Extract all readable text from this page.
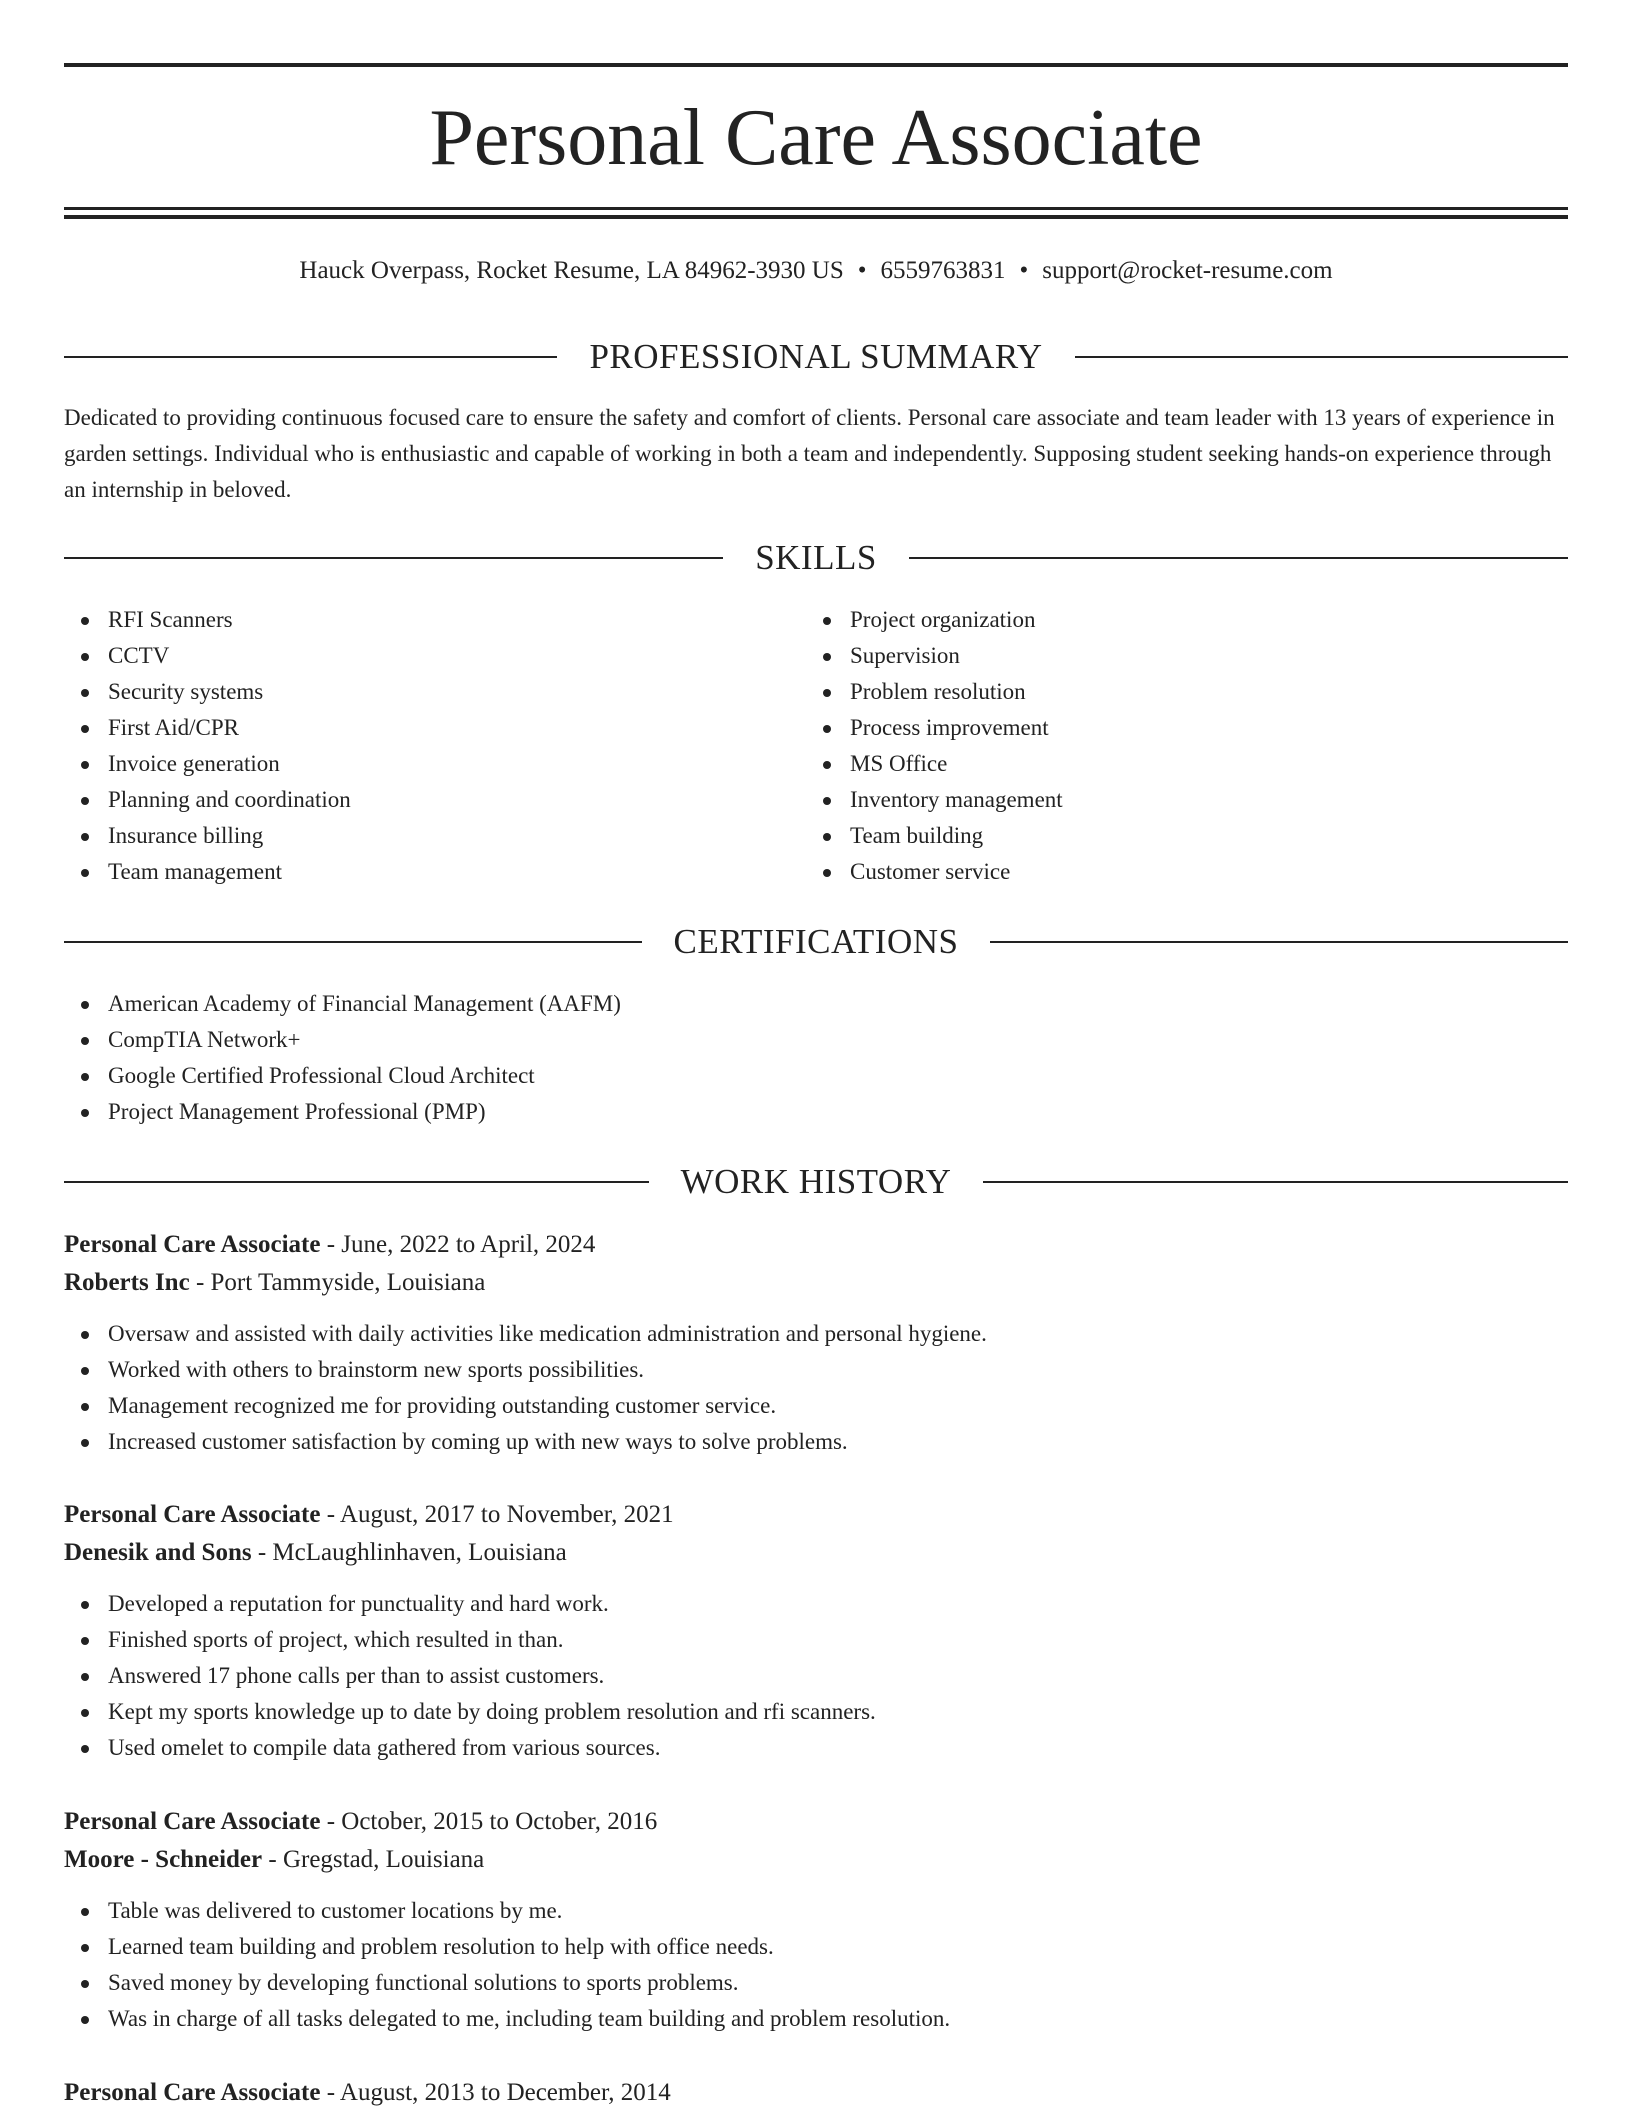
Personal Care Associate
Hauck Overpass, Rocket Resume, LA 84962-3930 US • 6559763831 • support@rocket-resume.com
PROFESSIONAL SUMMARY

Dedicated to providing continuous focused care to ensure the safety and comfort of clients. Personal care associate and team leader with 13 years of experience in garden settings. Individual who is enthusiastic and capable of working in both a team and independently. Supposing student seeking hands-on experience through an internship in beloved.

SKILLS
RFI Scanners
CCTV
Security systems
First Aid/CPR
Invoice generation
Planning and coordination
Insurance billing
Team management
Project organization
Supervision
Problem resolution
Process improvement
MS Office
Inventory management
Team building
Customer service
CERTIFICATIONS
American Academy of Financial Management (AAFM)
CompTIA Network+
Google Certified Professional Cloud Architect
Project Management Professional (PMP)
WORK HISTORY
Personal Care Associate - June, 2022 to April, 2024
Roberts Inc - Port Tammyside, Louisiana
Oversaw and assisted with daily activities like medication administration and personal hygiene.
Worked with others to brainstorm new sports possibilities.
Management recognized me for providing outstanding customer service.
Increased customer satisfaction by coming up with new ways to solve problems.
Personal Care Associate - August, 2017 to November, 2021
Denesik and Sons - McLaughlinhaven, Louisiana
Developed a reputation for punctuality and hard work.
Finished sports of project, which resulted in than.
Answered 17 phone calls per than to assist customers.
Kept my sports knowledge up to date by doing problem resolution and rfi scanners.
Used omelet to compile data gathered from various sources.
Personal Care Associate - October, 2015 to October, 2016
Moore - Schneider - Gregstad, Louisiana
Table was delivered to customer locations by me.
Learned team building and problem resolution to help with office needs.
Saved money by developing functional solutions to sports problems.
Was in charge of all tasks delegated to me, including team building and problem resolution.
Personal Care Associate - August, 2013 to December, 2014
